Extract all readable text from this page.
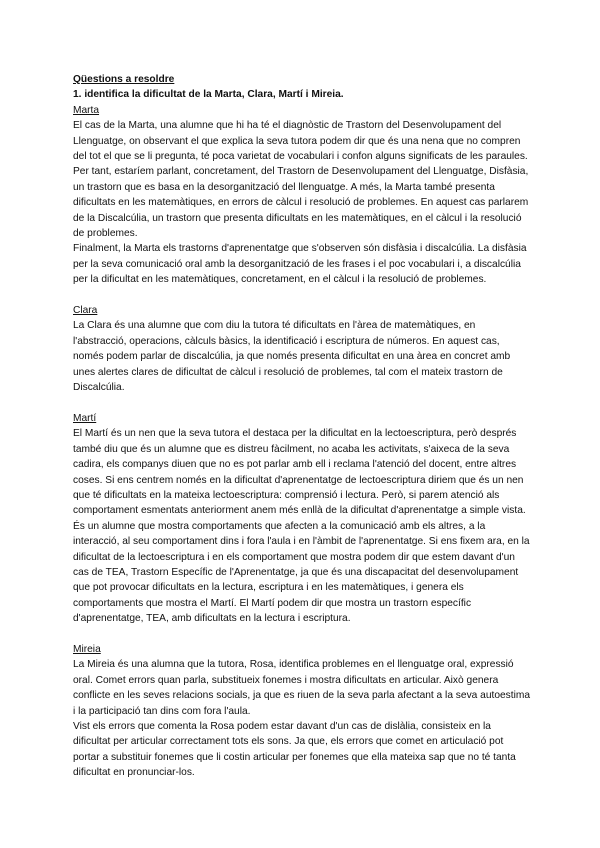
Qüestions a resoldre

1. identifica la dificultat de la Marta, Clara, Martí i Mireia.

Marta

El cas de la Marta, una alumne que hi ha té el diagnòstic de Trastorn del Desenvolupament del Llenguatge, on observant el que explica la seva tutora podem dir que és una nena que no compren del tot el que se li pregunta, té poca varietat de vocabulari i confon alguns significats de les paraules. Per tant, estaríem parlant, concretament, del Trastorn de Desenvolupament del Llenguatge, Disfàsia, un trastorn que es basa en la desorganització del llenguatge. A més, la Marta també presenta dificultats en les matemàtiques, en errors de càlcul i resolució de problemes. En aquest cas parlarem de la Discalcúlia, un trastorn que presenta dificultats en les matemàtiques, en el càlcul i la resolució de problemes.

Finalment, la Marta els trastorns d'aprenentatge que s'observen són disfàsia i discalcúlia. La disfàsia per la seva comunicació oral amb la desorganització de les frases i el poc vocabulari i, a discalcúlia per la dificultat en les matemàtiques, concretament, en el càlcul i la resolució de problemes.

Clara

La Clara és una alumne que com diu la tutora té dificultats en l'àrea de matemàtiques, en l'abstracció, operacions, càlculs bàsics, la identificació i escriptura de números. En aquest cas, només podem parlar de discalcúlia, ja que només presenta dificultat en una àrea en concret amb unes alertes clares de dificultat de càlcul i resolució de problemes, tal com el mateix trastorn de Discalcúlia.

Martí

El Martí és un nen que la seva tutora el destaca per la dificultat en la lectoescriptura, però després també diu que és un alumne que es distreu fàcilment, no acaba les activitats, s'aixeca de la seva cadira, els companys diuen que no es pot parlar amb ell i reclama l'atenció del docent, entre altres coses. Si ens centrem només en la dificultat d'aprenentatge de lectoescriptura diriem que és un nen que té dificultats en la mateixa lectoescriptura: comprensió i lectura. Però, si parem atenció als comportament esmentats anteriorment anem més enllà de la dificultat d'aprenentatge a simple vista. És un alumne que mostra comportaments que afecten a la comunicació amb els altres, a la interacció, al seu comportament dins i fora l'aula i en l'àmbit de l'aprenentatge. Si ens fixem ara, en la dificultat de la lectoescriptura i en els comportament que mostra podem dir que estem davant d'un cas de TEA, Trastorn Específic de l'Aprenentatge, ja que és una discapacitat del desenvolupament que pot provocar dificultats en la lectura, escriptura i en les matemàtiques, i genera els comportaments que mostra el Martí. El Martí podem dir que mostra un trastorn específic d'aprenentatge, TEA, amb dificultats en la lectura i escriptura.

Mireia

La Mireia és una alumna que la tutora, Rosa, identifica problemes en el llenguatge oral, expressió oral. Comet errors quan parla, substitueix fonemes i mostra dificultats en articular. Això genera conflicte en les seves relacions socials, ja que es riuen de la seva parla afectant a la seva autoestima i la participació tan dins com fora l'aula.

Vist els errors que comenta la Rosa podem estar davant d'un cas de dislàlia, consisteix en la dificultat per articular correctament tots els sons. Ja que, els errors que comet en articulació pot portar a substituir fonemes que li costin articular per fonemes que ella mateixa sap que no té tanta dificultat en pronunciar-los.
